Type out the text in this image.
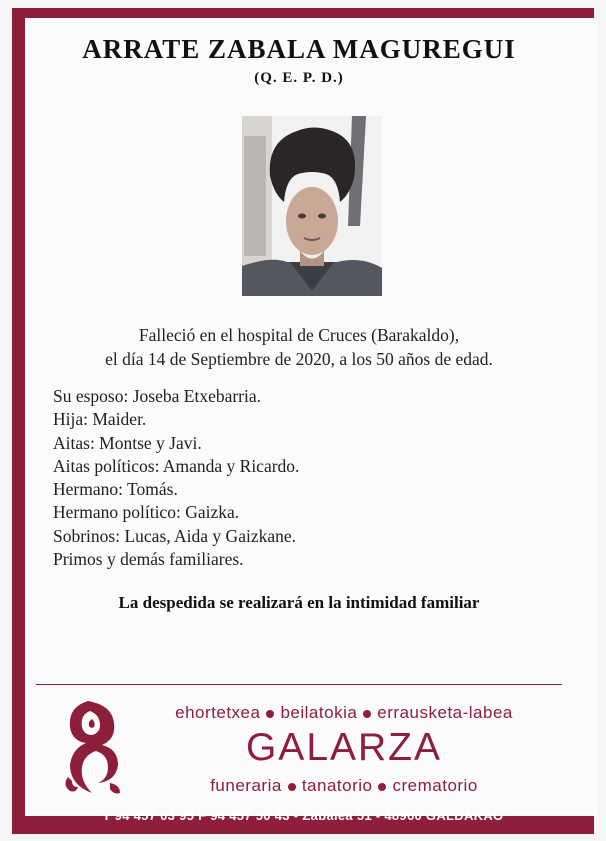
ARRATE ZABALA MAGUREGUI
(Q. E. P. D.)
Falleció en el hospital de Cruces (Barakaldo),
el día 14 de Septiembre de 2020, a los 50 años de edad.
Su esposo: Joseba Etxebarria.
Hija: Maider.
Aitas: Montse y Javi.
Aitas políticos: Amanda y Ricardo.
Hermano: Tomás.
Hermano político: Gaizka.
Sobrinos: Lucas, Aida y Gaizkane.
Primos y demás familiares.
La despedida se realizará en la intimidad familiar
ehortetxea beilatokia errausketa-labea
GALARZA
funeraria tanatorio crematorio
T 94 457 03 95 F 94 457 50 43 • Zabalea 51 - 48960 GALDAKAO
